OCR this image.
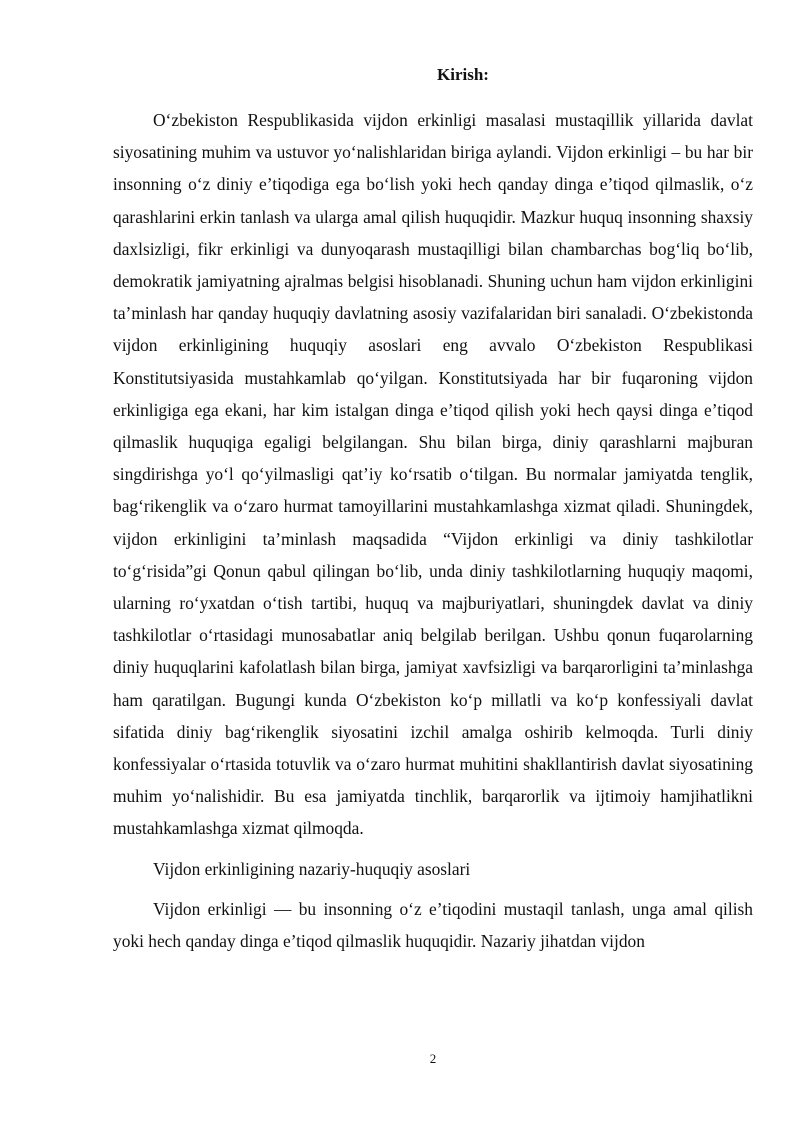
Kirish:

O‘zbekiston Respublikasida vijdon erkinligi masalasi mustaqillik yillarida davlat siyosatining muhim va ustuvor yo‘nalishlaridan biriga aylandi. Vijdon erkinligi – bu har bir insonning o‘z diniy e’tiqodiga ega bo‘lish yoki hech qanday dinga e’tiqod qilmaslik, o‘z qarashlarini erkin tanlash va ularga amal qilish huquqidir. Mazkur huquq insonning shaxsiy daxlsizligi, fikr erkinligi va dunyoqarash mustaqilligi bilan chambarchas bog‘liq bo‘lib, demokratik jamiyatning ajralmas belgisi hisoblanadi. Shuning uchun ham vijdon erkinligini ta’minlash har qanday huquqiy davlatning asosiy vazifalaridan biri sanaladi. O‘zbekistonda vijdon erkinligining huquqiy asoslari eng avvalo O‘zbekiston Respublikasi Konstitutsiyasida mustahkamlab qo‘yilgan. Konstitutsiyada har bir fuqaroning vijdon erkinligiga ega ekani, har kim istalgan dinga e’tiqod qilish yoki hech qaysi dinga e’tiqod qilmaslik huquqiga egaligi belgilangan. Shu bilan birga, diniy qarashlarni majburan singdirishga yo‘l qo‘yilmasligi qat’iy ko‘rsatib o‘tilgan. Bu normalar jamiyatda tenglik, bag‘rikenglik va o‘zaro hurmat tamoyillarini mustahkamlashga xizmat qiladi. Shuningdek, vijdon erkinligini ta’minlash maqsadida “Vijdon erkinligi va diniy tashkilotlar to‘g‘risida”gi Qonun qabul qilingan bo‘lib, unda diniy tashkilotlarning huquqiy maqomi, ularning ro‘yxatdan o‘tish tartibi, huquq va majburiyatlari, shuningdek davlat va diniy tashkilotlar o‘rtasidagi munosabatlar aniq belgilab berilgan. Ushbu qonun fuqarolarning diniy huquqlarini kafolatlash bilan birga, jamiyat xavfsizligi va barqarorligini ta’minlashga ham qaratilgan. Bugungi kunda O‘zbekiston ko‘p millatli va ko‘p konfessiyali davlat sifatida diniy bag‘rikenglik siyosatini izchil amalga oshirib kelmoqda. Turli diniy konfessiyalar o‘rtasida totuvlik va o‘zaro hurmat muhitini shakllantirish davlat siyosatining muhim yo‘nalishidir. Bu esa jamiyatda tinchlik, barqarorlik va ijtimoiy hamjihatlikni mustahkamlashga xizmat qilmoqda.

Vijdon erkinligining nazariy-huquqiy asoslari

Vijdon erkinligi — bu insonning o‘z e’tiqodini mustaqil tanlash, unga amal qilish yoki hech qanday dinga e’tiqod qilmaslik huquqidir. Nazariy jihatdan vijdon

2
